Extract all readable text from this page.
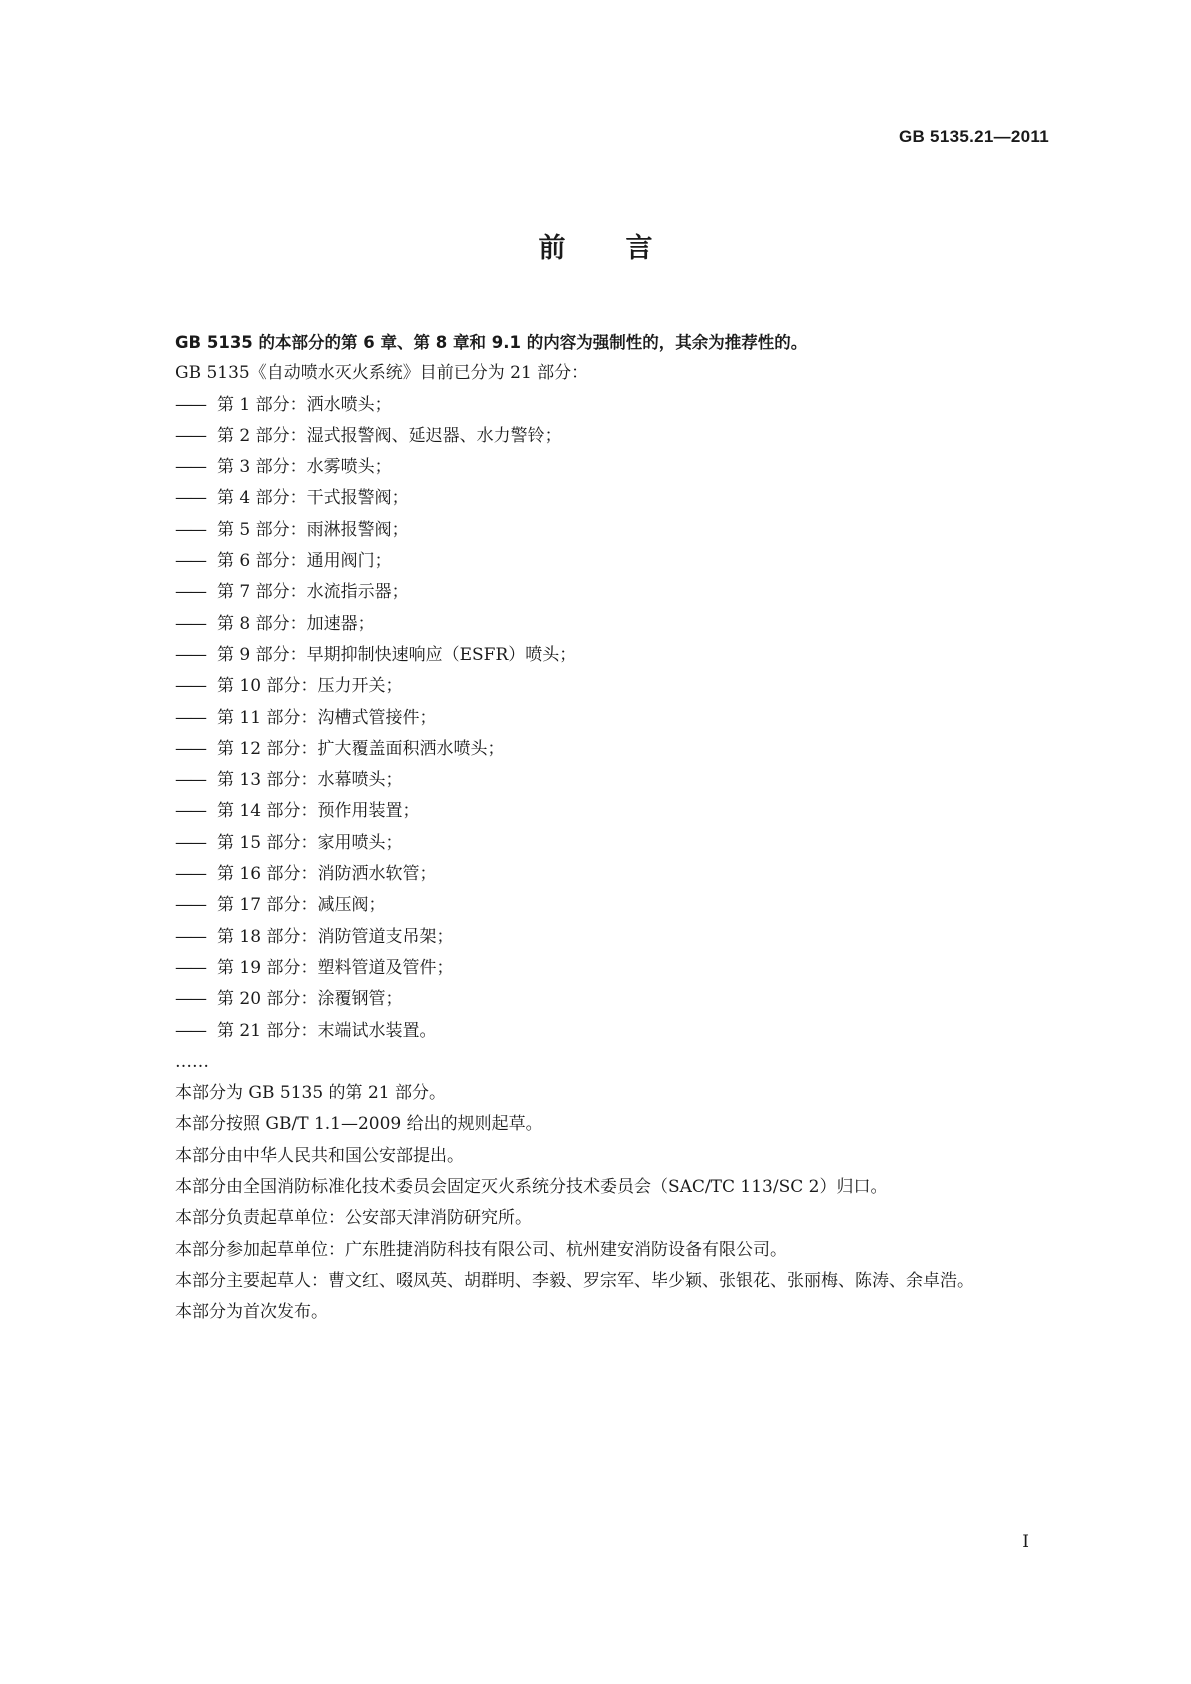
GB 5135.21—2011
前言
GB 5135 的本部分的第 6 章、第 8 章和 9.1 的内容为强制性的，其余为推荐性的。
GB 5135《自动喷水灭火系统》目前已分为 21 部分：
—— 第 1 部分：洒水喷头；
—— 第 2 部分：湿式报警阀、延迟器、水力警铃；
—— 第 3 部分：水雾喷头；
—— 第 4 部分：干式报警阀；
—— 第 5 部分：雨淋报警阀；
—— 第 6 部分：通用阀门；
—— 第 7 部分：水流指示器；
—— 第 8 部分：加速器；
—— 第 9 部分：早期抑制快速响应（ESFR）喷头；
—— 第 10 部分：压力开关；
—— 第 11 部分：沟槽式管接件；
—— 第 12 部分：扩大覆盖面积洒水喷头；
—— 第 13 部分：水幕喷头；
—— 第 14 部分：预作用装置；
—— 第 15 部分：家用喷头；
—— 第 16 部分：消防洒水软管；
—— 第 17 部分：减压阀；
—— 第 18 部分：消防管道支吊架；
—— 第 19 部分：塑料管道及管件；
—— 第 20 部分：涂覆钢管；
—— 第 21 部分：末端试水装置。
……
本部分为 GB 5135 的第 21 部分。
本部分按照 GB/T 1.1—2009 给出的规则起草。
本部分由中华人民共和国公安部提出。
本部分由全国消防标准化技术委员会固定灭火系统分技术委员会（SAC/TC 113/SC 2）归口。
本部分负责起草单位：公安部天津消防研究所。
本部分参加起草单位：广东胜捷消防科技有限公司、杭州建安消防设备有限公司。
本部分主要起草人：曹文红、啜凤英、胡群明、李毅、罗宗军、毕少颖、张银花、张丽梅、陈涛、余卓浩。
本部分为首次发布。
I
